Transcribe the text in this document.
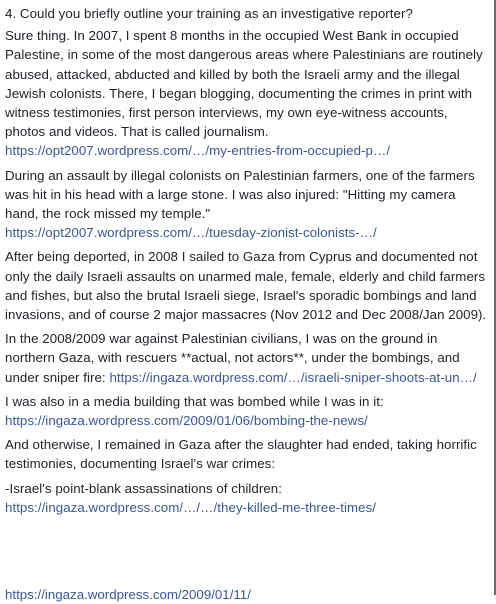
4. Could you briefly outline your training as an investigative reporter?

Sure thing. In 2007, I spent 8 months in the occupied West Bank in occupied Palestine, in some of the most dangerous areas where Palestinians are routinely abused, attacked, abducted and killed by both the Israeli army and the illegal Jewish colonists. There, I began blogging, documenting the crimes in print with witness testimonies, first person interviews, my own eye-witness accounts, photos and videos. That is called journalism.
https://opt2007.wordpress.com/…/my-entries-from-occupied-p…/

During an assault by illegal colonists on Palestinian farmers, one of the farmers was hit in his head with a large stone. I was also injured: "Hitting my camera hand, the rock missed my temple."
https://opt2007.wordpress.com/…/tuesday-zionist-colonists-…/

After being deported, in 2008 I sailed to Gaza from Cyprus and documented not only the daily Israeli assaults on unarmed male, female, elderly and child farmers and fishes, but also the brutal Israeli siege, Israel's sporadic bombings and land invasions, and of course 2 major massacres (Nov 2012 and Dec 2008/Jan 2009).

In the 2008/2009 war against Palestinian civilians, I was on the ground in northern Gaza, with rescuers **actual, not actors**, under the bombings, and under sniper fire: https://ingaza.wordpress.com/…/israeli-sniper-shoots-at-un…/

I was also in a media building that was bombed while I was in it:
https://ingaza.wordpress.com/2009/01/06/bombing-the-news/

And otherwise, I remained in Gaza after the slaughter had ended, taking horrific testimonies, documenting Israel's war crimes:

-Israel's point-blank assassinations of children:
https://ingaza.wordpress.com/…/…/they-killed-me-three-times/

https://ingaza.wordpress.com/2009/01/11/
